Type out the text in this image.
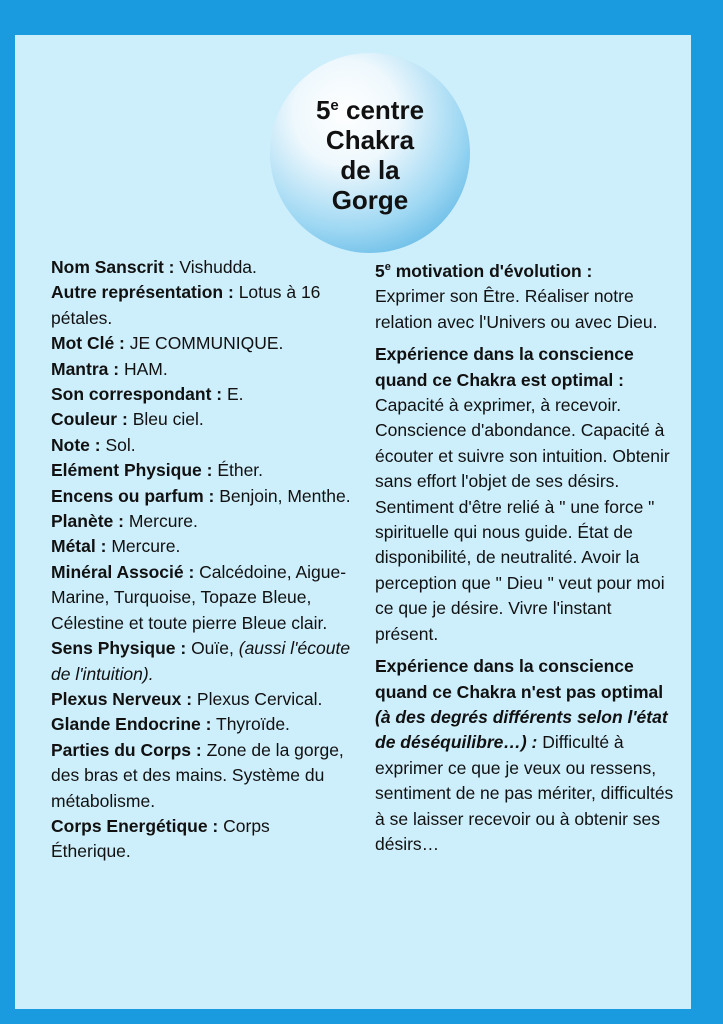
5e centre
Chakra
de la
Gorge

Nom Sanscrit : Vishudda.

Autre représentation : Lotus à 16 pétales.

Mot Clé : JE COMMUNIQUE.

Mantra : HAM.

Son correspondant : E.

Couleur : Bleu ciel.

Note : Sol.

Elément Physique : Éther.

Encens ou parfum : Benjoin, Menthe.

Planète : Mercure.

Métal : Mercure.

Minéral Associé : Calcédoine, Aigue-Marine, Turquoise, Topaze Bleue, Célestine et toute pierre Bleue clair.

Sens Physique : Ouïe, (aussi l'écoute de l'intuition).

Plexus Nerveux : Plexus Cervical.

Glande Endocrine : Thyroïde.

Parties du Corps : Zone de la gorge, des bras et des mains. Système du métabolisme.

Corps Energétique : Corps Étherique.

5e motivation d'évolution :
Exprimer son Être. Réaliser notre relation avec l'Univers ou avec Dieu.

Expérience dans la conscience quand ce Chakra est optimal : Capacité à exprimer, à recevoir. Conscience d'abondance. Capacité à écouter et suivre son intuition. Obtenir sans effort l'objet de ses désirs. Sentiment d'être relié à " une force " spirituelle qui nous guide. État de disponibilité, de neutralité. Avoir la perception que " Dieu " veut pour moi ce que je désire. Vivre l'instant présent.

Expérience dans la conscience quand ce Chakra n'est pas optimal (à des degrés différents selon l'état de déséquilibre…) : Difficulté à exprimer ce que je veux ou ressens, sentiment de ne pas mériter, difficultés à se laisser recevoir ou à obtenir ses désirs…
